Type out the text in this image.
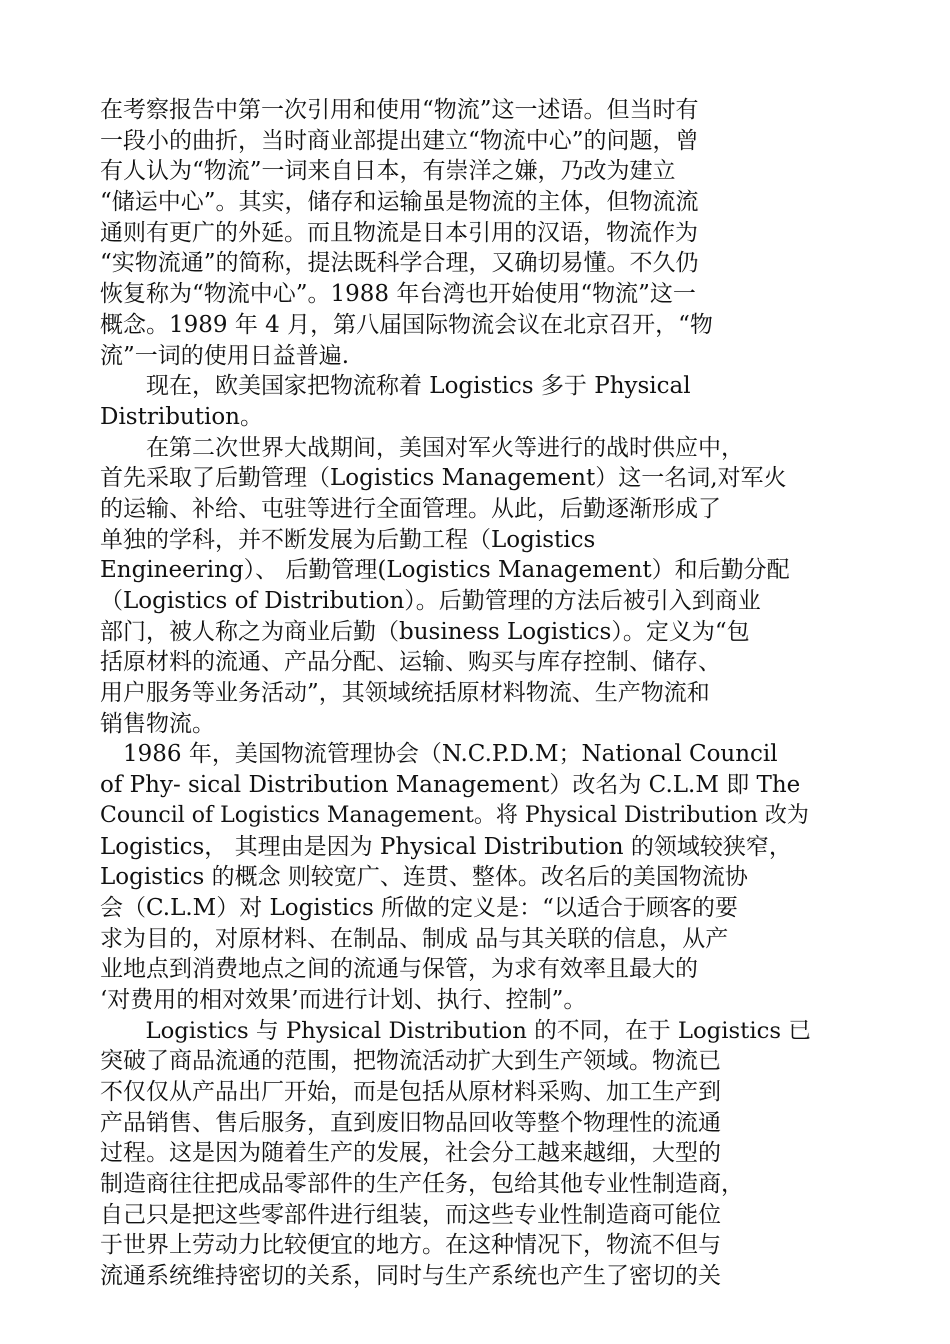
在考察报告中第一次引用和使用“物流”这一述语。但当时有
一段小的曲折，当时商业部提出建立“物流中心”的问题，曾
有人认为“物流”一词来自日本，有崇洋之嫌，乃改为建立
“储运中心”。其实，储存和运输虽是物流的主体，但物流流
通则有更广的外延。而且物流是日本引用的汉语，物流作为
“实物流通”的简称，提法既科学合理，又确切易懂。不久仍
恢复称为“物流中心”。1988 年台湾也开始使用“物流”这一
概念。1989 年 4 月，第八届国际物流会议在北京召开，“物
流”一词的使用日益普遍.
　　现在，欧美国家把物流称着 Logistics 多于 Physical
Distribution。
　　在第二次世界大战期间，美国对军火等进行的战时供应中，
首先采取了后勤管理（Logistics Management）这一名词,对军火
的运输、补给、屯驻等进行全面管理。从此，后勤逐渐形成了
单独的学科，并不断发展为后勤工程（Logistics
Engineering）、 后勤管理(Logistics Management）和后勤分配
（Logistics of Distribution）。后勤管理的方法后被引入到商业
部门，被人称之为商业后勤（business Logistics）。定义为“包
括原材料的流通、产品分配、运输、购买与库存控制、储存、
用户服务等业务活动”，其领域统括原材料物流、生产物流和
销售物流。
　1986 年，美国物流管理协会（N.C.P.D.M；National Council
of Phy- sical Distribution Management）改名为 C.L.M 即 The
Council of Logistics Management。将 Physical Distribution 改为
Logistics， 其理由是因为 Physical Distribution 的领域较狭窄，
Logistics 的概念 则较宽广、连贯、整体。改名后的美国物流协
会（C.L.M）对 Logistics 所做的定义是：“以适合于顾客的要
求为目的，对原材料、在制品、制成 品与其关联的信息，从产
业地点到消费地点之间的流通与保管，为求有效率且最大的
‘对费用的相对效果’而进行计划、执行、控制”。
　　Logistics 与 Physical Distribution 的不同，在于 Logistics 已
突破了商品流通的范围，把物流活动扩大到生产领域。物流已
不仅仅从产品出厂开始，而是包括从原材料采购、加工生产到
产品销售、售后服务，直到废旧物品回收等整个物理性的流通
过程。这是因为随着生产的发展，社会分工越来越细，大型的
制造商往往把成品零部件的生产任务，包给其他专业性制造商，
自己只是把这些零部件进行组装，而这些专业性制造商可能位
于世界上劳动力比较便宜的地方。在这种情况下，物流不但与
流通系统维持密切的关系，同时与生产系统也产生了密切的关
